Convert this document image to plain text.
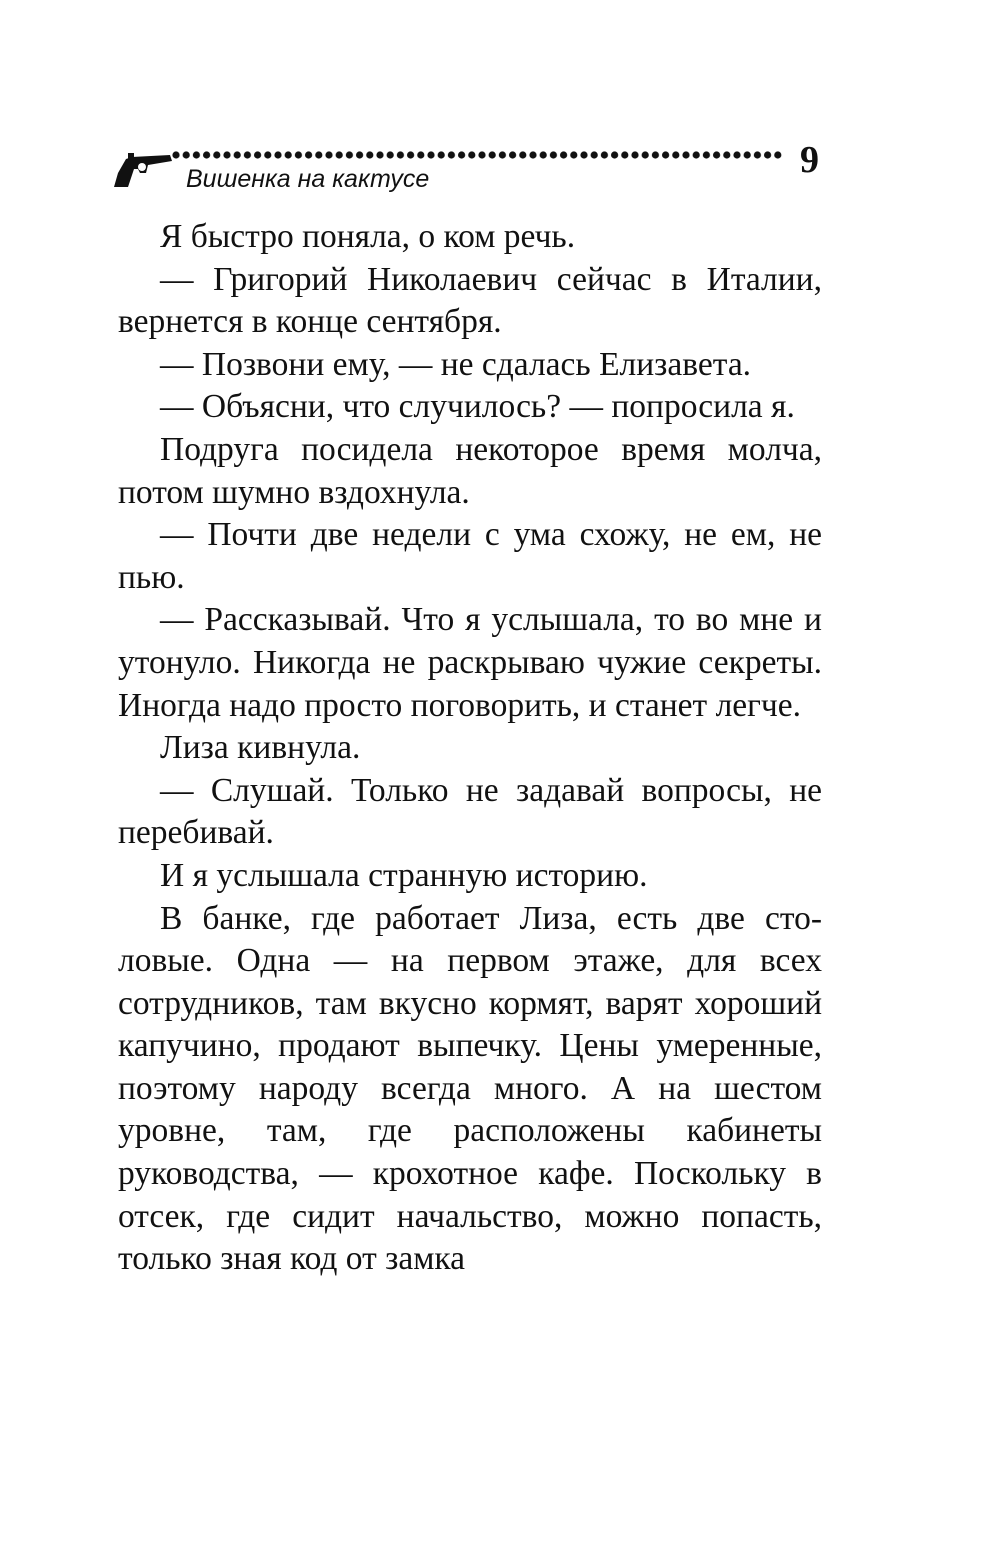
Вишенка на кактусе	9

Я быстро поняла, о ком речь.

— Григорий Николаевич сейчас в Италии, вернется в конце сентября.

— Позвони ему, — не сдалась Елизавета.

— Объясни, что случилось? — попросила я.

Подруга посидела некоторое время молча, потом шумно вздохнула.

— Почти две недели с ума схожу, не ем, не пью.

— Рассказывай. Что я услышала, то во мне и утонуло. Никогда не раскрываю чужие секреты. Иногда надо просто поговорить, и станет легче.

Лиза кивнула.

— Слушай. Только не задавай вопросы, не перебивай.

И я услышала странную историю.

В банке, где работает Лиза, есть две столовые. Одна — на первом этаже, для всех сотрудников, там вкусно кормят, варят хороший капучино, продают выпечку. Цены умеренные, поэтому народу всегда много. А на шестом уровне, там, где расположены кабинеты руководства, — крохотное кафе. Поскольку в отсек, где сидит начальство, можно попасть, только зная код от замка
